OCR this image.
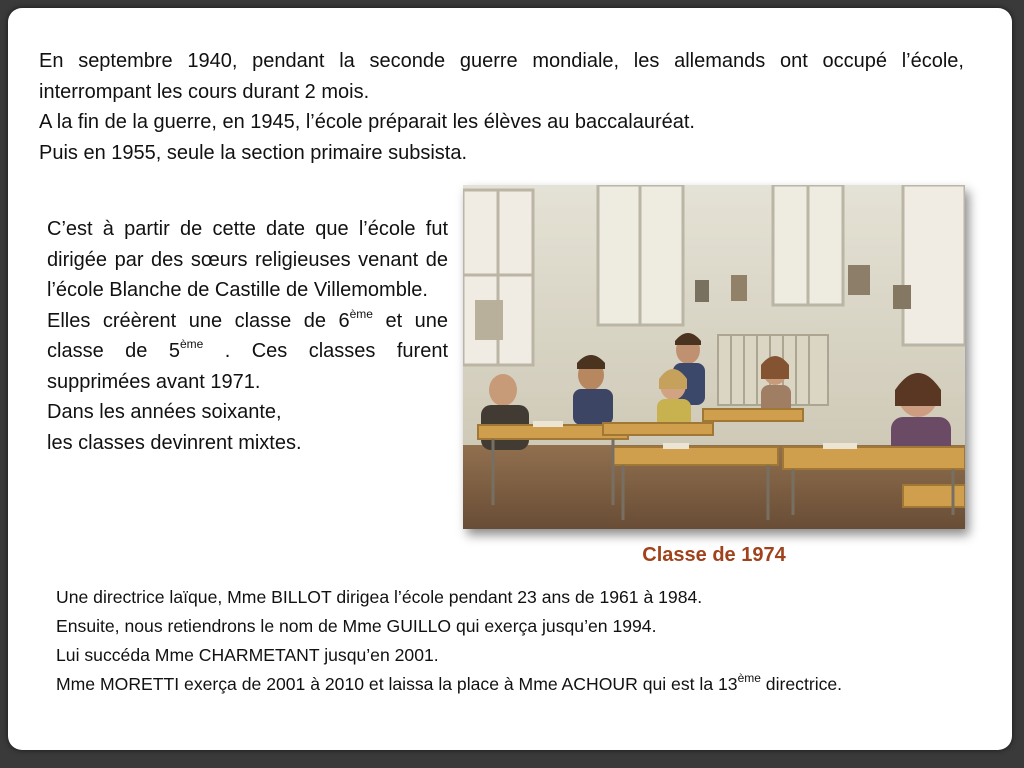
En septembre 1940, pendant la seconde guerre mondiale, les allemands ont occupé l’école, interrompant les cours durant 2 mois.

A la fin de la guerre, en 1945, l’école préparait les élèves au baccalauréat.

Puis en 1955, seule la section primaire subsista.

C’est à partir de cette date que l’école fut dirigée par des sœurs religieuses venant de l’école Blanche de Castille de Villemomble.

Elles créèrent une classe de 6ème et une classe de 5ème . Ces classes furent supprimées avant 1971.

Dans les années soixante,

les classes devinrent mixtes.

Classe de 1974

Une directrice laïque, Mme BILLOT dirigea l’école pendant 23 ans de 1961 à 1984.

Ensuite, nous retiendrons le nom de Mme GUILLO qui exerça jusqu’en 1994.

Lui succéda Mme CHARMETANT jusqu’en 2001.

Mme MORETTI exerça de 2001 à 2010 et laissa la place à Mme ACHOUR qui est la 13ème directrice.
